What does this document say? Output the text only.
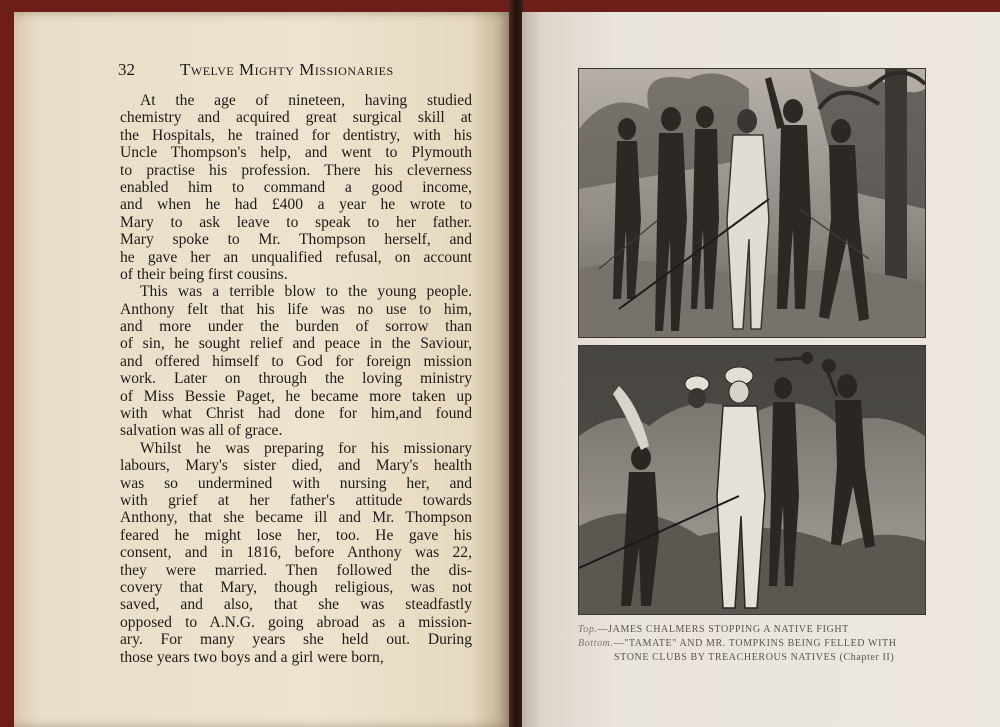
32	Twelve Mighty Missionaries
At the age of nineteen, having studied
chemistry and acquired great surgical skill at
the Hospitals, he trained for dentistry, with his
Uncle Thompson's help, and went to Plymouth
to practise his profession. There his cleverness
enabled him to command a good income,
and when he had £400 a year he wrote to
Mary to ask leave to speak to her father.
Mary spoke to Mr. Thompson herself, and
he gave her an unqualified refusal, on account
of their being first cousins.
This was a terrible blow to the young people.
Anthony felt that his life was no use to him,
and more under the burden of sorrow than
of sin, he sought relief and peace in the Saviour,
and offered himself to God for foreign mission
work. Later on through the loving ministry
of Miss Bessie Paget, he became more taken up
with what Christ had done for him,and found
salvation was all of grace.
Whilst he was preparing for his missionary
labours, Mary's sister died, and Mary's health
was so undermined with nursing her, and
with grief at her father's attitude towards
Anthony, that she became ill and Mr. Thompson
feared he might lose her, too. He gave his
consent, and in 1816, before Anthony was 22,
they were married. Then followed the dis-
covery that Mary, though religious, was not
saved, and also, that she was steadfastly
opposed to A.N.G. going abroad as a mission-
ary. For many years she held out. During
those years two boys and a girl were born,
Top.—JAMES CHALMERS STOPPING A NATIVE FIGHT
Bottom.—"TAMATE" AND MR. TOMPKINS BEING FELLED WITH
STONE CLUBS BY TREACHEROUS NATIVES (Chapter II)
